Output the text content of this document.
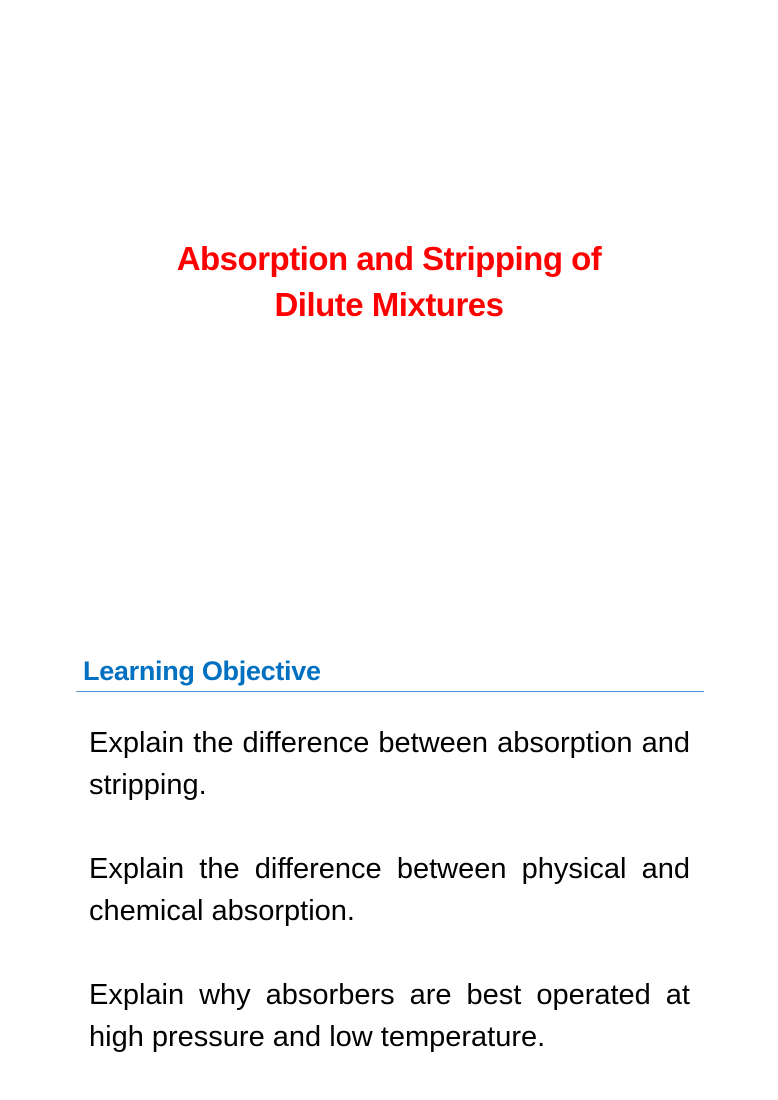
Absorption and Stripping of
Dilute Mixtures
Learning Objective

Explain the difference between absorption and stripping.

Explain the difference between physical and chemical absorption.

Explain why absorbers are best operated at high pressure and low temperature.
